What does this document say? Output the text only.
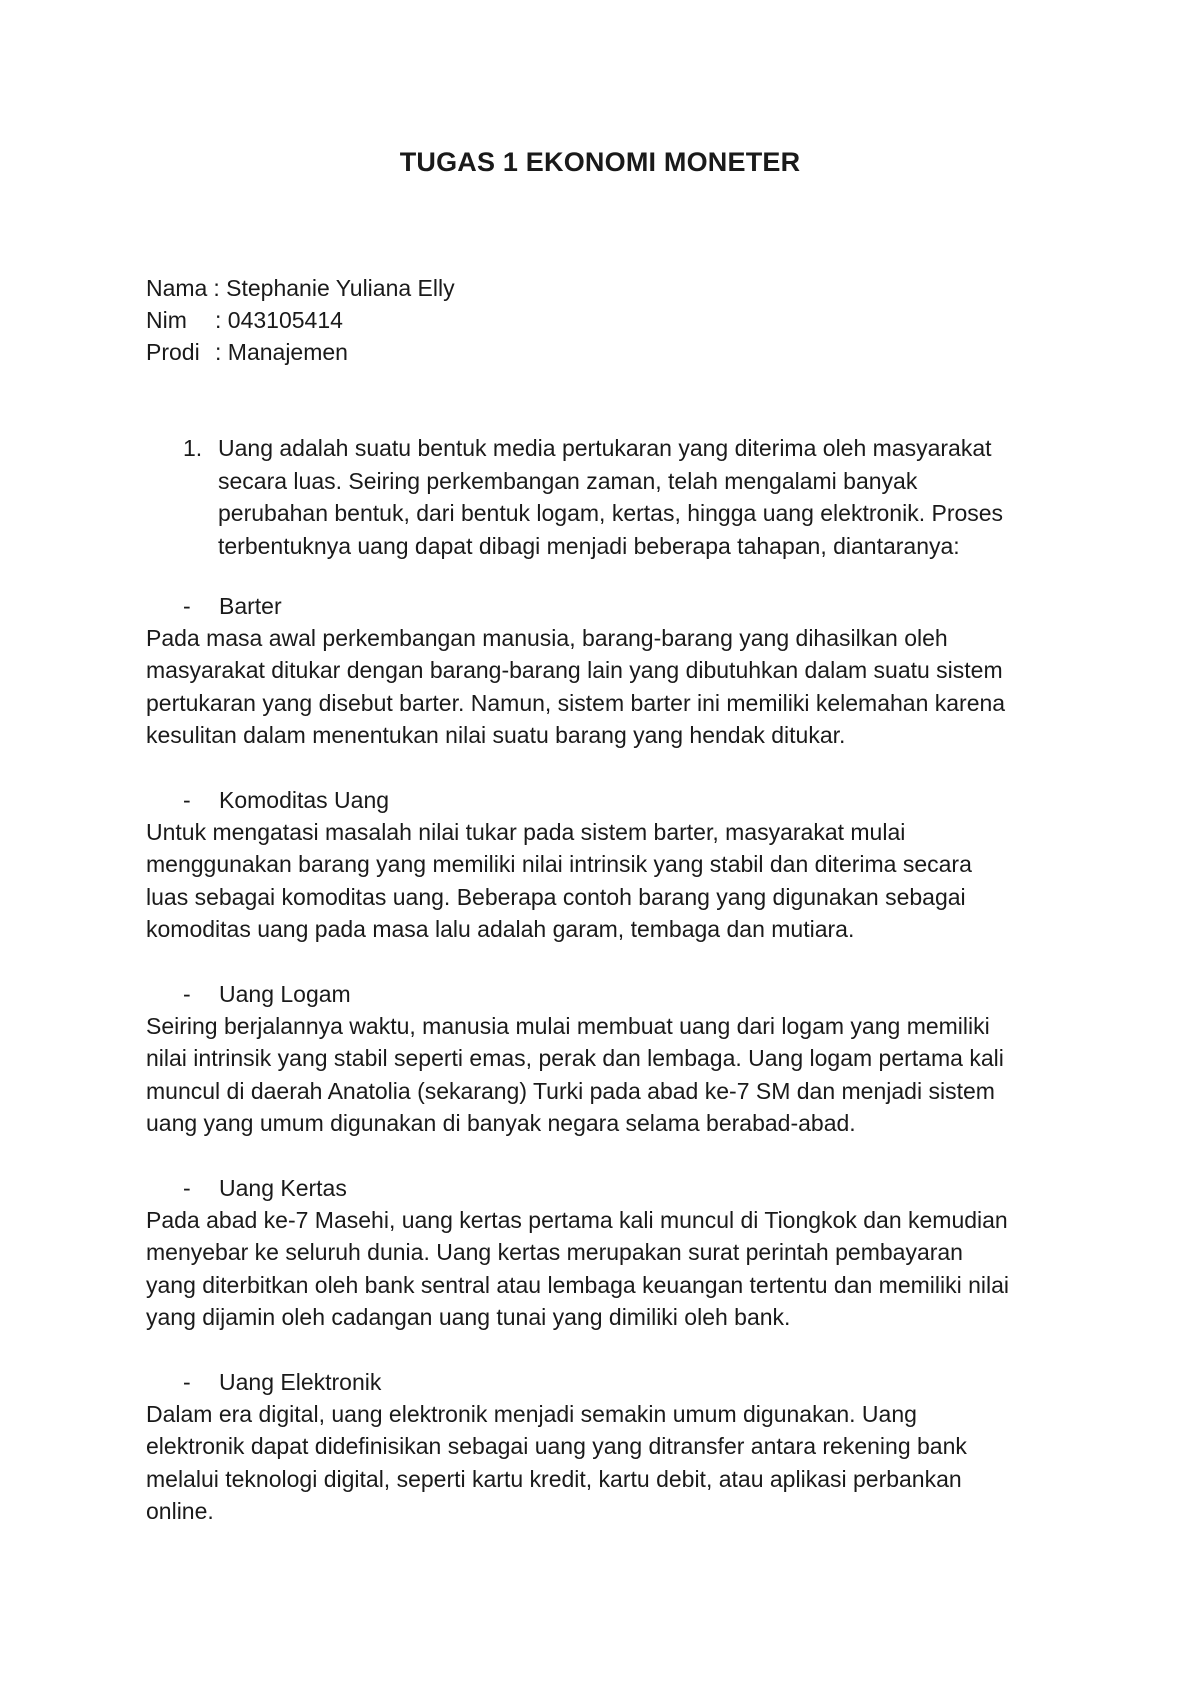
TUGAS 1 EKONOMI MONETER
Nama : Stephanie Yuliana Elly
Nim	: 043105414
Prodi : Manajemen
1. Uang adalah suatu bentuk media pertukaran yang diterima oleh masyarakat
secara luas. Seiring perkembangan zaman, telah mengalami banyak
perubahan bentuk, dari bentuk logam, kertas, hingga uang elektronik. Proses
terbentuknya uang dapat dibagi menjadi beberapa tahapan, diantaranya:
- Barter
Pada masa awal perkembangan manusia, barang-barang yang dihasilkan oleh
masyarakat ditukar dengan barang-barang lain yang dibutuhkan dalam suatu sistem
pertukaran yang disebut barter. Namun, sistem barter ini memiliki kelemahan karena
kesulitan dalam menentukan nilai suatu barang yang hendak ditukar.
- Komoditas Uang
Untuk mengatasi masalah nilai tukar pada sistem barter, masyarakat mulai
menggunakan barang yang memiliki nilai intrinsik yang stabil dan diterima secara
luas sebagai komoditas uang. Beberapa contoh barang yang digunakan sebagai
komoditas uang pada masa lalu adalah garam, tembaga dan mutiara.
- Uang Logam
Seiring berjalannya waktu, manusia mulai membuat uang dari logam yang memiliki
nilai intrinsik yang stabil seperti emas, perak dan lembaga. Uang logam pertama kali
muncul di daerah Anatolia (sekarang) Turki pada abad ke-7 SM dan menjadi sistem
uang yang umum digunakan di banyak negara selama berabad-abad.
- Uang Kertas
Pada abad ke-7 Masehi, uang kertas pertama kali muncul di Tiongkok dan kemudian
menyebar ke seluruh dunia. Uang kertas merupakan surat perintah pembayaran
yang diterbitkan oleh bank sentral atau lembaga keuangan tertentu dan memiliki nilai
yang dijamin oleh cadangan uang tunai yang dimiliki oleh bank.
- Uang Elektronik
Dalam era digital, uang elektronik menjadi semakin umum digunakan. Uang
elektronik dapat didefinisikan sebagai uang yang ditransfer antara rekening bank
melalui teknologi digital, seperti kartu kredit, kartu debit, atau aplikasi perbankan
online.
